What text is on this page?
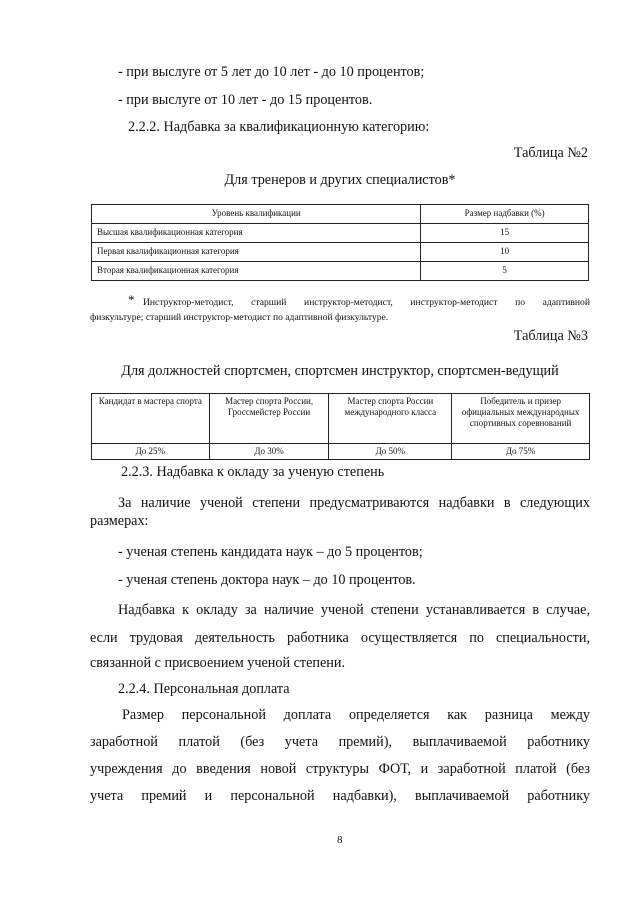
- при выслуге от 5 лет до 10 лет - до 10 процентов;
- при выслуге от 10 лет - до 15 процентов.
2.2.2. Надбавка за квалификационную категорию:
Таблица №2
Для тренеров и других специалистов*
Уровень квалификации	Размер надбавки (%)
Высшая квалификационная категория	15
Первая квалификационная категория	10
Вторая квалификационная категория	5
* Инструктор-методист, старший инструктор-методист, инструктор-методист по адаптивной
физкультуре; старший инструктор-методист по адаптивной физкультуре.
Таблица №3
Для должностей спортсмен, спортсмен инструктор, спортсмен-ведущий
Кандидат в мастера спорта	Мастер спорта России, Гроссмейстер России	Мастер спорта России международного класса	Победитель и призер официальных международных спортивных соревнований
До 25%	До 30%	До 50%	До 75%
2.2.3. Надбавка к окладу за ученую степень
За наличие ученой степени предусматриваются надбавки в следующих
размерах:
- ученая степень кандидата наук – до 5 процентов;
- ученая степень доктора наук – до 10 процентов.
Надбавка к окладу за наличие ученой степени устанавливается в случае,
если трудовая деятельность работника осуществляется по специальности,
связанной с присвоением ученой степени.
2.2.4. Персональная доплата
Размер персональной доплата определяется как разница между
заработной платой (без учета премий), выплачиваемой работнику
учреждения до введения новой структуры ФОТ, и заработной платой (без
учета премий и персональной надбавки), выплачиваемой работнику
8
